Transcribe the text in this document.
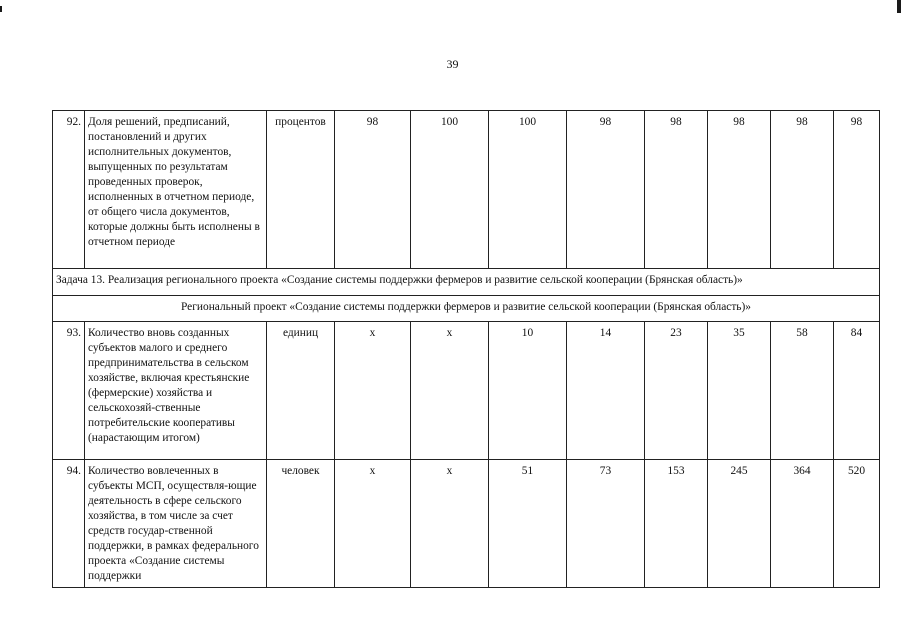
39
92.	Доля решений, предписаний, постановлений и других исполнительных документов, выпущенных по результатам проведенных проверок, исполненных в отчетном периоде, от общего числа документов, которые должны быть исполнены в отчетном периоде	процентов	98	100	100	98	98	98	98	98
Задача 13. Реализация регионального проекта «Создание системы поддержки фермеров и развитие сельской кооперации (Брянская область)»										
Региональный проект «Создание системы поддержки фермеров и развитие сельской кооперации (Брянская область)»										
93.	Количество вновь созданных субъектов малого и среднего предпринимательства в сельском хозяйстве, включая крестьянские (фермерские) хозяйства и сельскохозяй-ственные потребительские кооперативы (нарастающим итогом)	единиц	х	х	10	14	23	35	58	84
94.	Количество вовлеченных в субъекты МСП, осуществля-ющие деятельность в сфере сельского хозяйства, в том числе за счет средств государ-ственной поддержки, в рамках федерального проекта «Создание системы поддержки	человек	х	х	51	73	153	245	364	520
